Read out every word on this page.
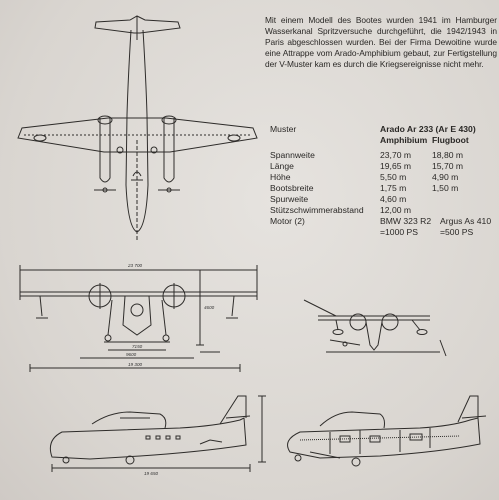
23 700
7150
9600
19 300
4600
19 650
Mit einem Modell des Bootes wurden 1941 im Hamburger Wasserkanal Spritzversuche durchgeführt, die 1942/1943 in Paris abgeschlossen wurden. Bei der Firma Dewoitine wurde eine Attrappe vom Arado-Amphibium gebaut, zur Fertigstellung der V-Muster kam es durch die Kriegsereignisse nicht mehr.
Muster	Arado Ar 233 (Ar E 430)
Amphibium Flugboot
Spannweite	23,70 m 18,80 m
Länge	19,65 m 15,70 m
Höhe	5,50 m	4,90 m
Bootsbreite	1,75 m	1,50 m
Spurweite	4,60 m
Stützschwimmerabstand 12,00 m
Motor (2)	BMW 323 R2 Argus As 410
=1000 PS	=500 PS
